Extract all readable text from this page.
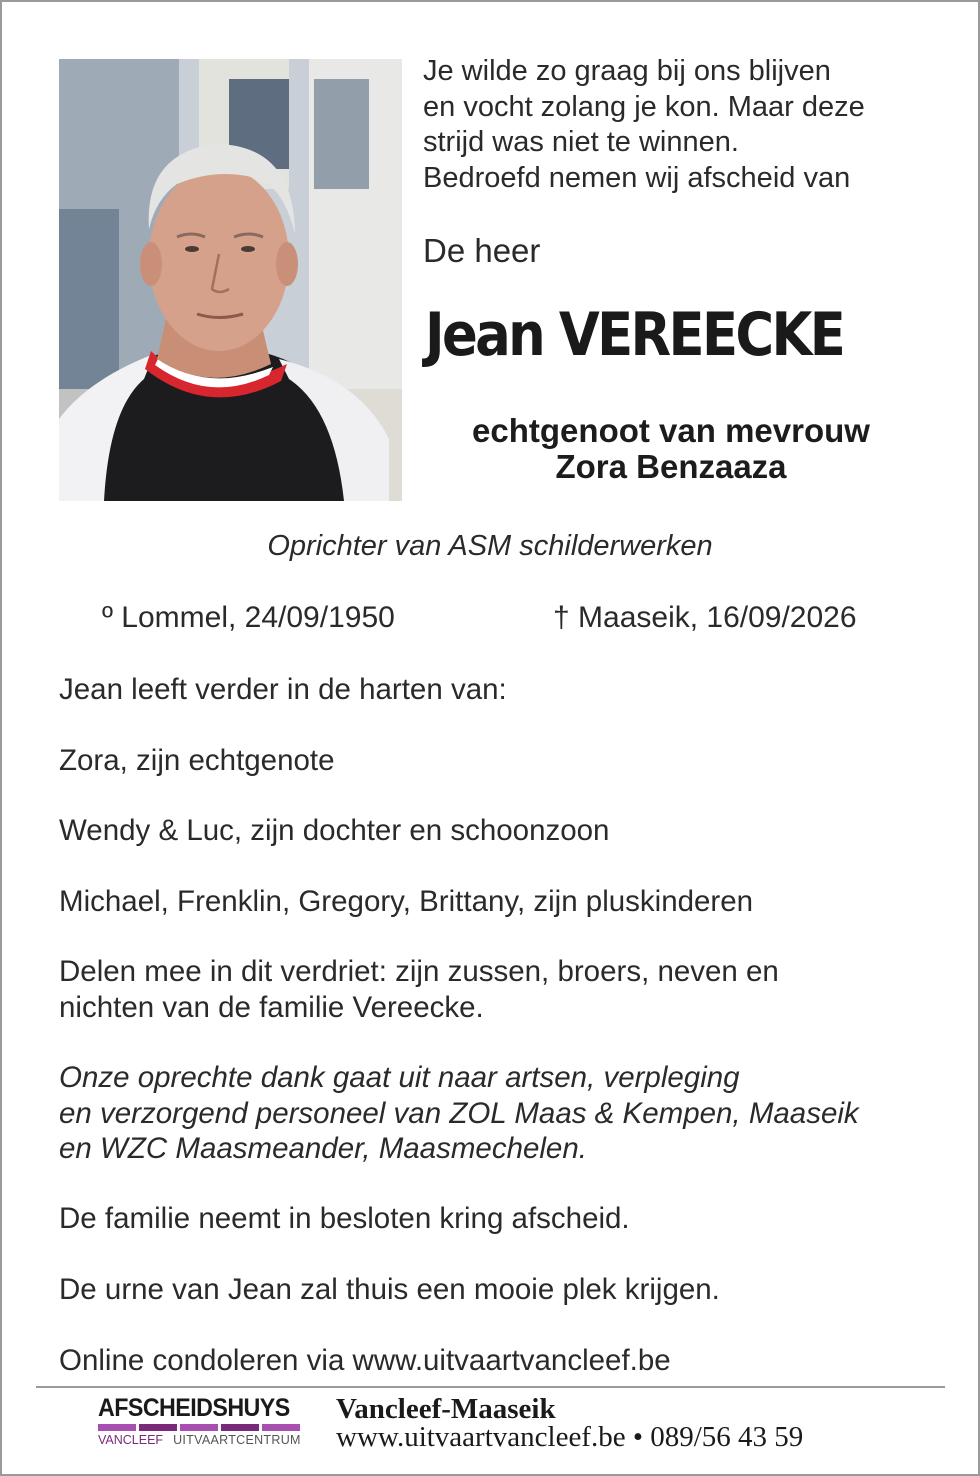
Je wilde zo graag bij ons blijven
en vocht zolang je kon. Maar deze
strijd was niet te winnen.
Bedroefd nemen wij afscheid van
De heer
Jean VEREECKE
echtgenoot van mevrouw
Zora Benzaaza
Oprichter van ASM schilderwerken
º Lommel, 24/09/1950	† Maaseik, 16/09/2026
Jean leeft verder in de harten van:
Zora, zijn echtgenote
Wendy & Luc, zijn dochter en schoonzoon
Michael, Frenklin, Gregory, Brittany, zijn pluskinderen
Delen mee in dit verdriet: zijn zussen, broers, neven en
nichten van de familie Vereecke.
Onze oprechte dank gaat uit naar artsen, verpleging
en verzorgend personeel van ZOL Maas & Kempen, Maaseik
en WZC Maasmeander, Maasmechelen.
De familie neemt in besloten kring afscheid.
De urne van Jean zal thuis een mooie plek krijgen.
Online condoleren via www.uitvaartvancleef.be
AFSCHEIDSHUYS
VANCLEEF UITVAARTCENTRUM
Vancleef-Maaseik
www.uitvaartvancleef.be • 089/56 43 59
